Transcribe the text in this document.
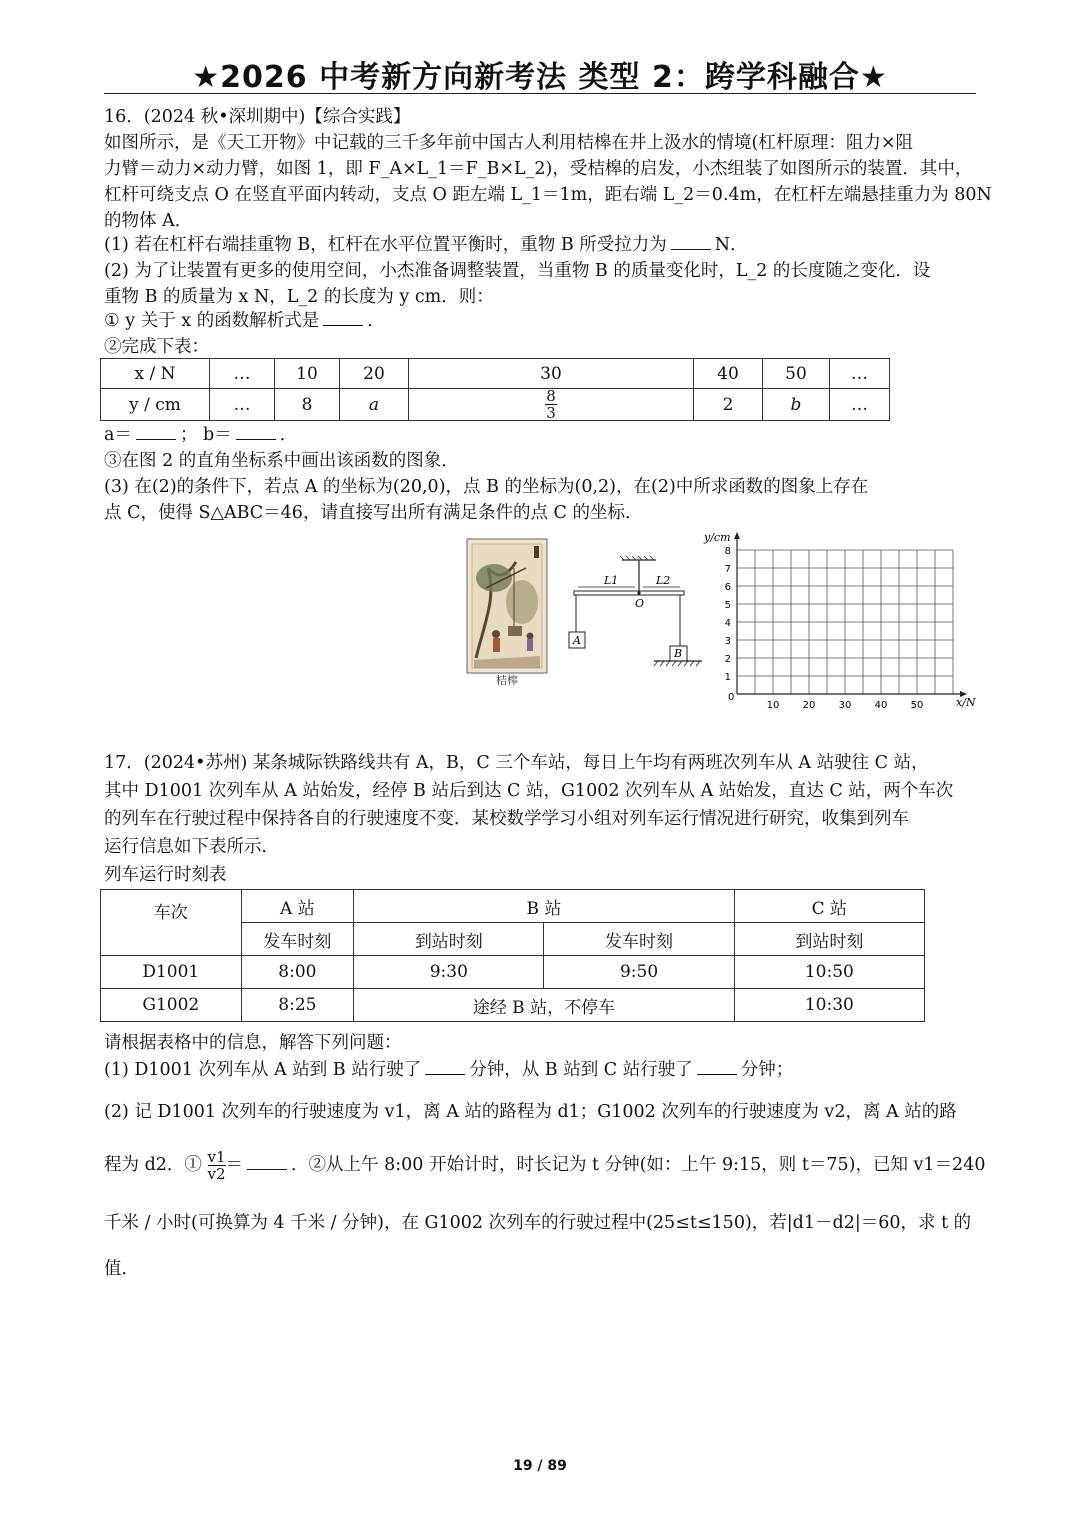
★2026 中考新方向新考法 类型 2：跨学科融合★
16．(2024 秋•深圳期中)【综合实践】
如图所示，是《天工开物》中记载的三千多年前中国古人利用桔槔在井上汲水的情境(杠杆原理：阻力×阻
力臂＝动力×动力臂，如图 1，即 F_A×L_1＝F_B×L_2)，受桔槔的启发，小杰组装了如图所示的装置．其中，
杠杆可绕支点 O 在竖直平面内转动，支点 O 距左端 L_1＝1m，距右端 L_2＝0.4m，在杠杆左端悬挂重力为 80N
的物体 A．
(1) 若在杠杆右端挂重物 B，杠杆在水平位置平衡时，重物 B 所受拉力为	N．
(2) 为了让装置有更多的使用空间，小杰准备调整装置，当重物 B 的质量变化时，L_2 的长度随之变化．设
重物 B 的质量为 x N，L_2 的长度为 y cm．则：
① y 关于 x 的函数解析式是	．
②完成下表：
x / N	…	10	20	30	40	50	…
y / cm	…	8	a	$\frac{8}{3}$	2	b	…
a＝	； b＝	．
③在图 2 的直角坐标系中画出该函数的图象．
(3) 在(2)的条件下，若点 A 的坐标为(20,0)，点 B 的坐标为(0,2)，在(2)中所求函数的图象上存在
点 C，使得 S△ABC＝46，请直接写出所有满足条件的点 C 的坐标．
桔槔
L1	L2
O
A
B
y/cm
x/N
0
1
2
3
4
5
6
7
8
10 20 30 40 50
17．(2024•苏州) 某条城际铁路线共有 A，B，C 三个车站，每日上午均有两班次列车从 A 站驶往 C 站，
其中 D1001 次列车从 A 站始发，经停 B 站后到达 C 站，G1002 次列车从 A 站始发，直达 C 站，两个车次
的列车在行驶过程中保持各自的行驶速度不变．某校数学学习小组对列车运行情况进行研究，收集到列车
运行信息如下表所示．
列车运行时刻表
车次	A 站	B 站		C 站
	发车时刻	到站时刻	发车时刻	到站时刻
D1001	8:00	9:30	9:50	10:50
G1002	8:25	途经 B 站，不停车		10:30
请根据表格中的信息，解答下列问题：
(1) D1001 次列车从 A 站到 B 站行驶了	分钟，从 B 站到 C 站行驶了	分钟；
(2) 记 D1001 次列车的行驶速度为 v1，离 A 站的路程为 d1；G1002 次列车的行驶速度为 v2，离 A 站的路
程为 d2．① $\frac{v1}{v2}$ ＝	．②从上午 8:00 开始计时，时长记为 t 分钟(如：上午 9:15，则 t＝75)，已知 v1＝240
千米 / 小时(可换算为 4 千米 / 分钟)，在 G1002 次列车的行驶过程中(25≤t≤150)，若|d1－d2|＝60，求 t 的
值．
19 / 89
